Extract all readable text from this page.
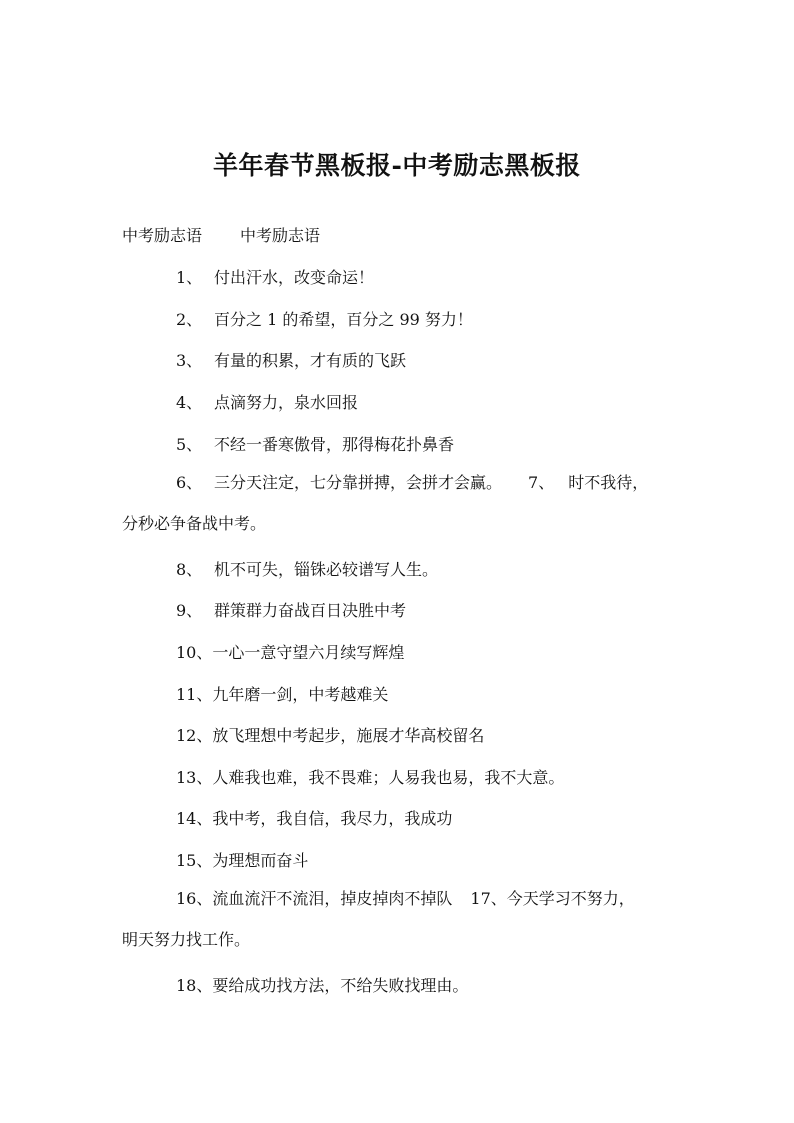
羊年春节黑板报-中考励志黑板报
中考励志语 中考励志语
1、 付出汗水，改变命运！
2、 百分之 1 的希望，百分之 99 努力！
3、 有量的积累，才有质的飞跃
4、 点滴努力，泉水回报
5、 不经一番寒傲骨，那得梅花扑鼻香
6、 三分天注定，七分靠拼搏，会拼才会赢。 7、 时不我待，
分秒必争备战中考。
8、 机不可失，锱铢必较谱写人生。
9、 群策群力奋战百日决胜中考
10、一心一意守望六月续写辉煌
11、九年磨一剑，中考越难关
12、放飞理想中考起步，施展才华高校留名
13、人难我也难，我不畏难；人易我也易，我不大意。
14、我中考，我自信，我尽力，我成功
15、为理想而奋斗
16、流血流汗不流泪，掉皮掉肉不掉队 17、今天学习不努力，
明天努力找工作。
18、要给成功找方法，不给失败找理由。
